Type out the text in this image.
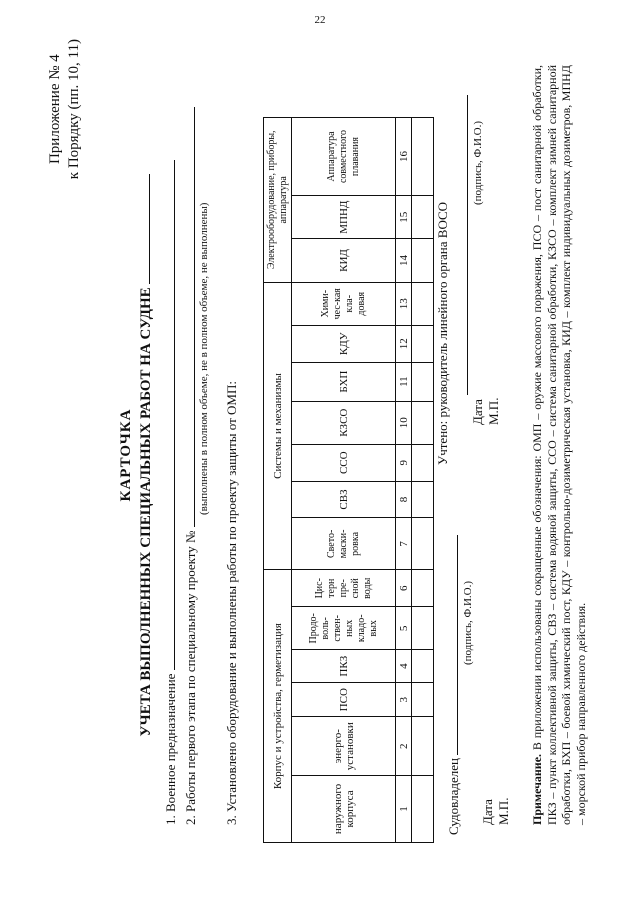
22
Приложение № 4 к Порядку (пп. 10, 11)
КАРТОЧКА УЧЕТА ВЫПОЛНЕННЫХ СПЕЦИАЛЬНЫХ РАБОТ НА СУДНЕ
1. Военное предназначение 2. Работы первого этапа по специальному проекту №
(выполнены в полном объеме, не в полном объеме, не выполнены)
3. Установлено оборудование и выполнены работы по проекту защиты от ОМП:	Корпус и устройства, герметизация						Системы и механизмы							Электрооборудование, приборы, аппаратура		
наружного корпуса	энерго-установки	ПСО	ПКЗ	Продо-воль-ствен-ных кладо-вых	Цис-терн пре-сной воды	Свето-маски-ровка	СВЗ	ССО	КЗСО	БХП	КДУ	Хими-чес-кая кла-довая	КИД	МПНД	Аппаратура совместного плавания
1	2	3	4	5	6	7	8	9	10	11	12	13	14	15	16

Судовладелец
(подпись, Ф.И.О.)
Дата М.П.
Учтено: руководитель линейного органа ВОСО
(подпись, Ф.И.О.)
Дата М.П.
Примечание. В приложении использованы сокращенные обозначения: ОМП – оружие массового поражения, ПСО – пост санитарной обработки, ПКЗ – пункт коллективной защиты, СВЗ – система водяной защиты, ССО – система санитарной обработки, КЗСО – комплект зимней санитарной обработки, БХП – боевой химический пост, КДУ – контрольно-дозиметрическая установка, КИД – комплект индивидуальных дозиметров, МПНД – морской прибор направленного действия.
